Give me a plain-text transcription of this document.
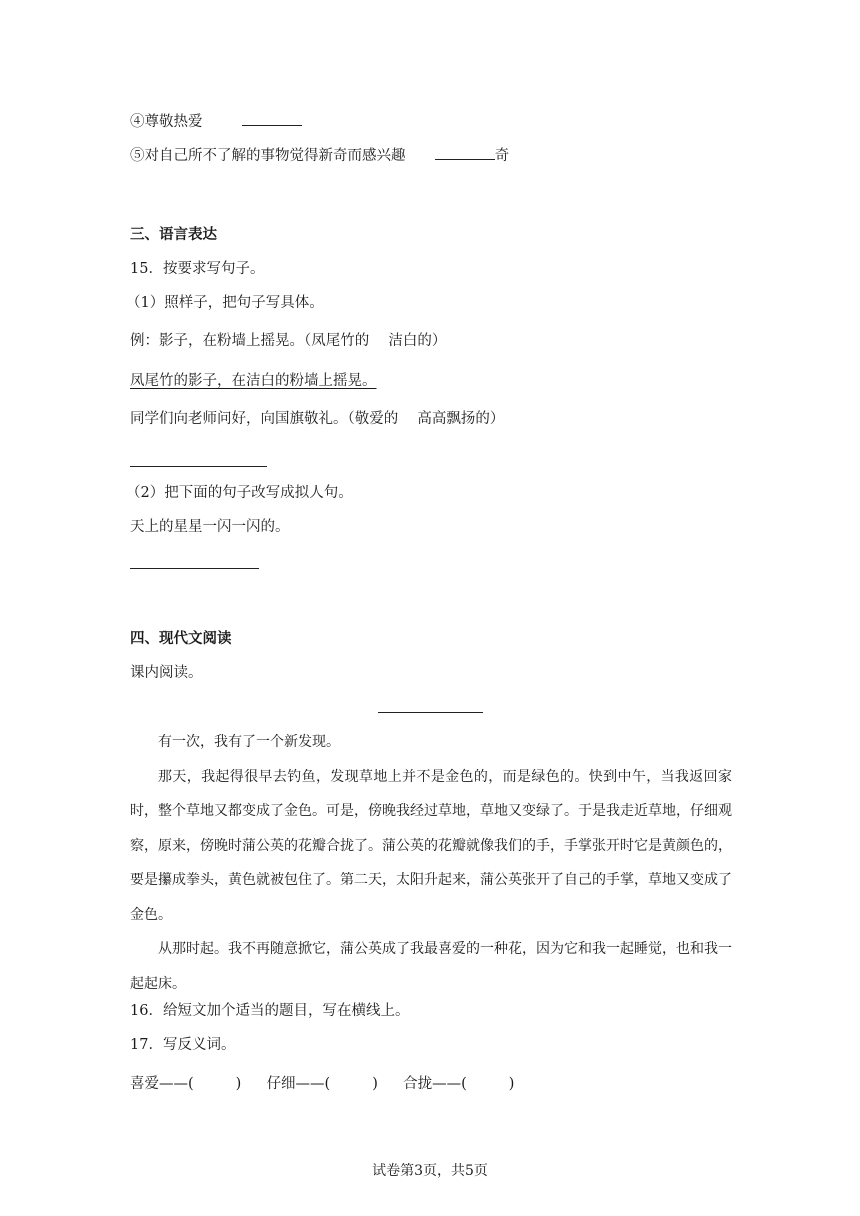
④尊敬热爱
⑤对自己所不了解的事物觉得新奇而感兴趣	奇
三、语言表达
15．按要求写句子。
（1）照样子，把句子写具体。
例：影子，在粉墙上摇晃。（凤尾竹的　 洁白的）
凤尾竹的影子，在洁白的粉墙上摇晃。
同学们向老师问好，向国旗敬礼。（敬爱的　 高高飘扬的）
（2）把下面的句子改写成拟人句。
天上的星星一闪一闪的。
四、现代文阅读
课内阅读。

有一次，我有了一个新发现。

那天，我起得很早去钓鱼，发现草地上并不是金色的，而是绿色的。快到中午，当我返回家时，整个草地又都变成了金色。可是，傍晚我经过草地，草地又变绿了。于是我走近草地，仔细观察，原来，傍晚时蒲公英的花瓣合拢了。蒲公英的花瓣就像我们的手，手掌张开时它是黄颜色的，要是攥成拳头，黄色就被包住了。第二天，太阳升起来，蒲公英张开了自己的手掌，草地又变成了金色。

从那时起。我不再随意掀它，蒲公英成了我最喜爱的一种花，因为它和我一起睡觉，也和我一起起床。

16．给短文加个适当的题目，写在横线上。
17．写反义词。
喜爱——(	) 仔细——(	) 合拢——(	)
试卷第3页，共5页
